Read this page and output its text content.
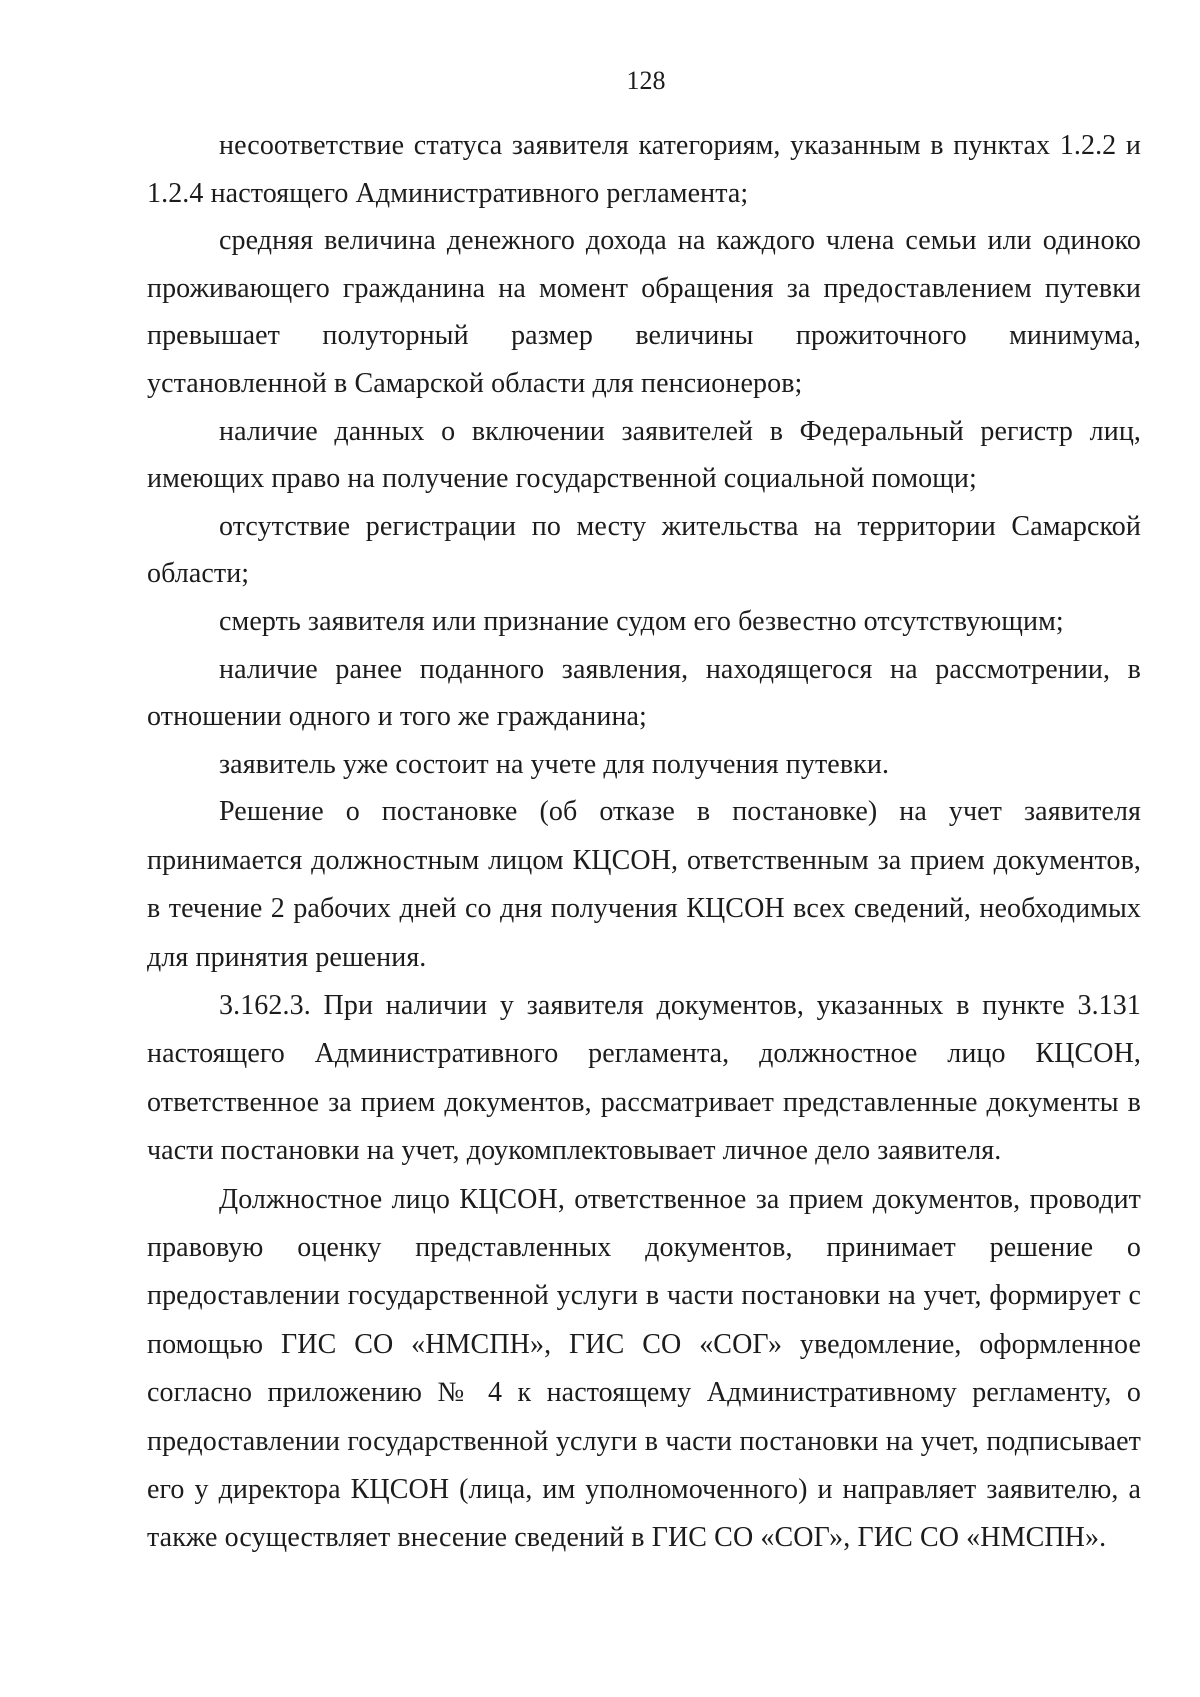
128

несоответствие статуса заявителя категориям, указанным в пунктах 1.2.2 и 1.2.4 настоящего Административного регламента;

средняя величина денежного дохода на каждого члена семьи или одиноко проживающего гражданина на момент обращения за предоставлением путевки превышает полуторный размер величины прожиточного минимума, установленной в Самарской области для пенсионеров;

наличие данных о включении заявителей в Федеральный регистр лиц, имеющих право на получение государственной социальной помощи;

отсутствие регистрации по месту жительства на территории Самарской области;

смерть заявителя или признание судом его безвестно отсутствующим;

наличие ранее поданного заявления, находящегося на рассмотрении, в отношении одного и того же гражданина;

заявитель уже состоит на учете для получения путевки.

Решение о постановке (об отказе в постановке) на учет заявителя принимается должностным лицом КЦСОН, ответственным за прием документов, в течение 2 рабочих дней со дня получения КЦСОН всех сведений, необходимых для принятия решения.

3.162.3. При наличии у заявителя документов, указанных в пункте 3.131 настоящего Административного регламента, должностное лицо КЦСОН, ответственное за прием документов, рассматривает представленные документы в части постановки на учет, доукомплектовывает личное дело заявителя.

Должностное лицо КЦСОН, ответственное за прием документов, проводит правовую оценку представленных документов, принимает решение о предоставлении государственной услуги в части постановки на учет, формирует с помощью ГИС СО «НМСПН», ГИС СО «СОГ» уведомление, оформленное согласно приложению № 4 к настоящему Административному регламенту, о предоставлении государственной услуги в части постановки на учет, подписывает его у директора КЦСОН (лица, им уполномоченного) и направляет заявителю, а также осуществляет внесение сведений в ГИС СО «СОГ», ГИС СО «НМСПН».
